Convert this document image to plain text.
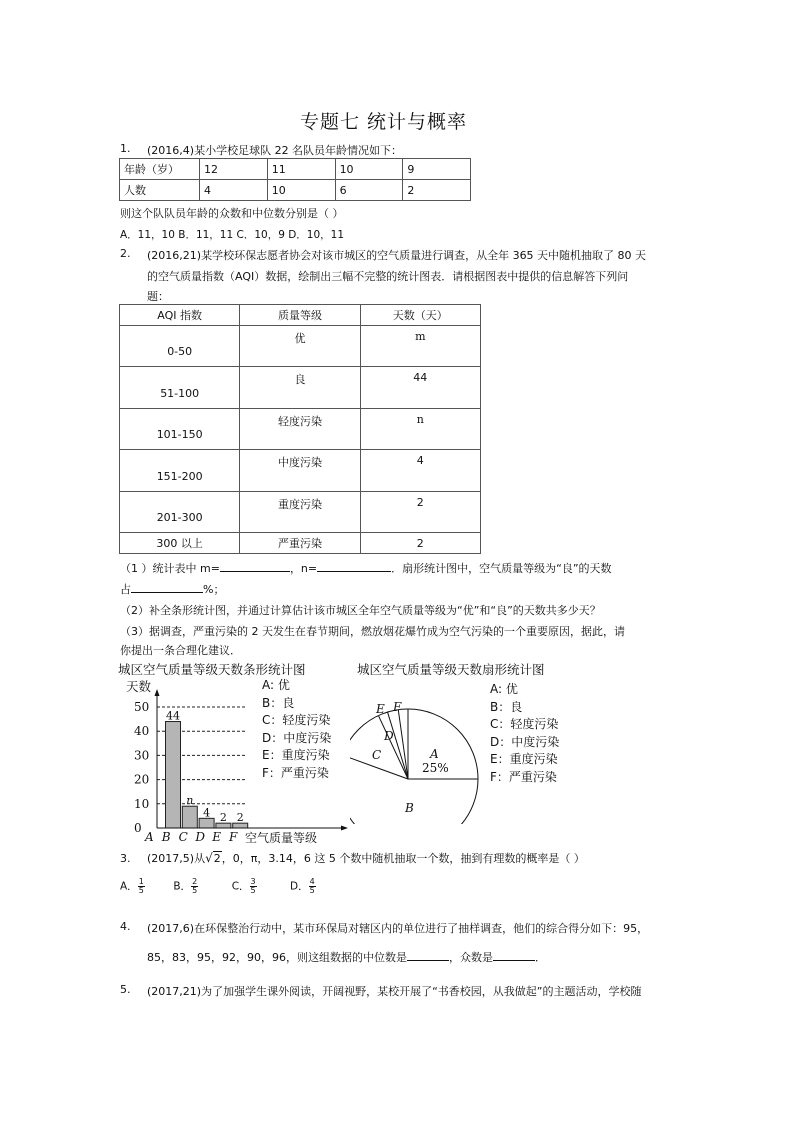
专题七 统计与概率
1. (2016,4)某小学校足球队 22 名队员年龄情况如下：
年龄（岁）	12	11	10	9
人数	4	10	6	2
则这个队队员年龄的众数和中位数分别是（ ）
A．11，10 B．11，11 C．10，9 D．10，11
2. (2016,21)某学校环保志愿者协会对该市城区的空气质量进行调查，从全年 365 天中随机抽取了 80 天
的空气质量指数（AQI）数据，绘制出三幅不完整的统计图表．请根据图表中提供的信息解答下列问
题：
AQI 指数	质量等级	天数（天）
0-50	优	m
51-100	良	44
101-150	轻度污染	n
151-200	中度污染	4
201-300	重度污染	2
300 以上	严重污染	2
（1 ）统计表中 m=	，n=	．扇形统计图中，空气质量等级为“良”的天数
占	%；
（2）补全条形统计图，并通过计算估计该市城区全年空气质量等级为“优”和“良”的天数共多少天？
（3）据调查，严重污染的 2 天发生在春节期间，燃放烟花爆竹成为空气污染的一个重要原因，据此，请
你提出一条合理化建议．
城区空气质量等级天数条形统计图
天数
0
10
20
30
40
50
44
n
4 2 2
A B C D E F 空气质量等级
A: 优
B：良
C：轻度污染
D：中度污染
E：重度污染
F：严重污染
城区空气质量等级天数扇形统计图
A
B
C
D
E F
25%
A: 优
B：良
C：轻度污染
D：中度污染
E：重度污染
F：严重污染
3. (2017,5)从√2，0，π，3.14，6 这 5 个数中随机抽取一个数，抽到有理数的概率是（ ）
A． $\frac{1}{5}$	B． $\frac{2}{5}$	C． $\frac{3}{5}$	D． $\frac{4}{5}$
4. (2017,6)在环保整治行动中，某市环保局对辖区内的单位进行了抽样调查，他们的综合得分如下：95，
85，83，95，92，90，96，则这组数据的中位数是	，众数是	．
5. (2017,21)为了加强学生课外阅读，开阔视野，某校开展了“书香校园，从我做起”的主题活动，学校随
